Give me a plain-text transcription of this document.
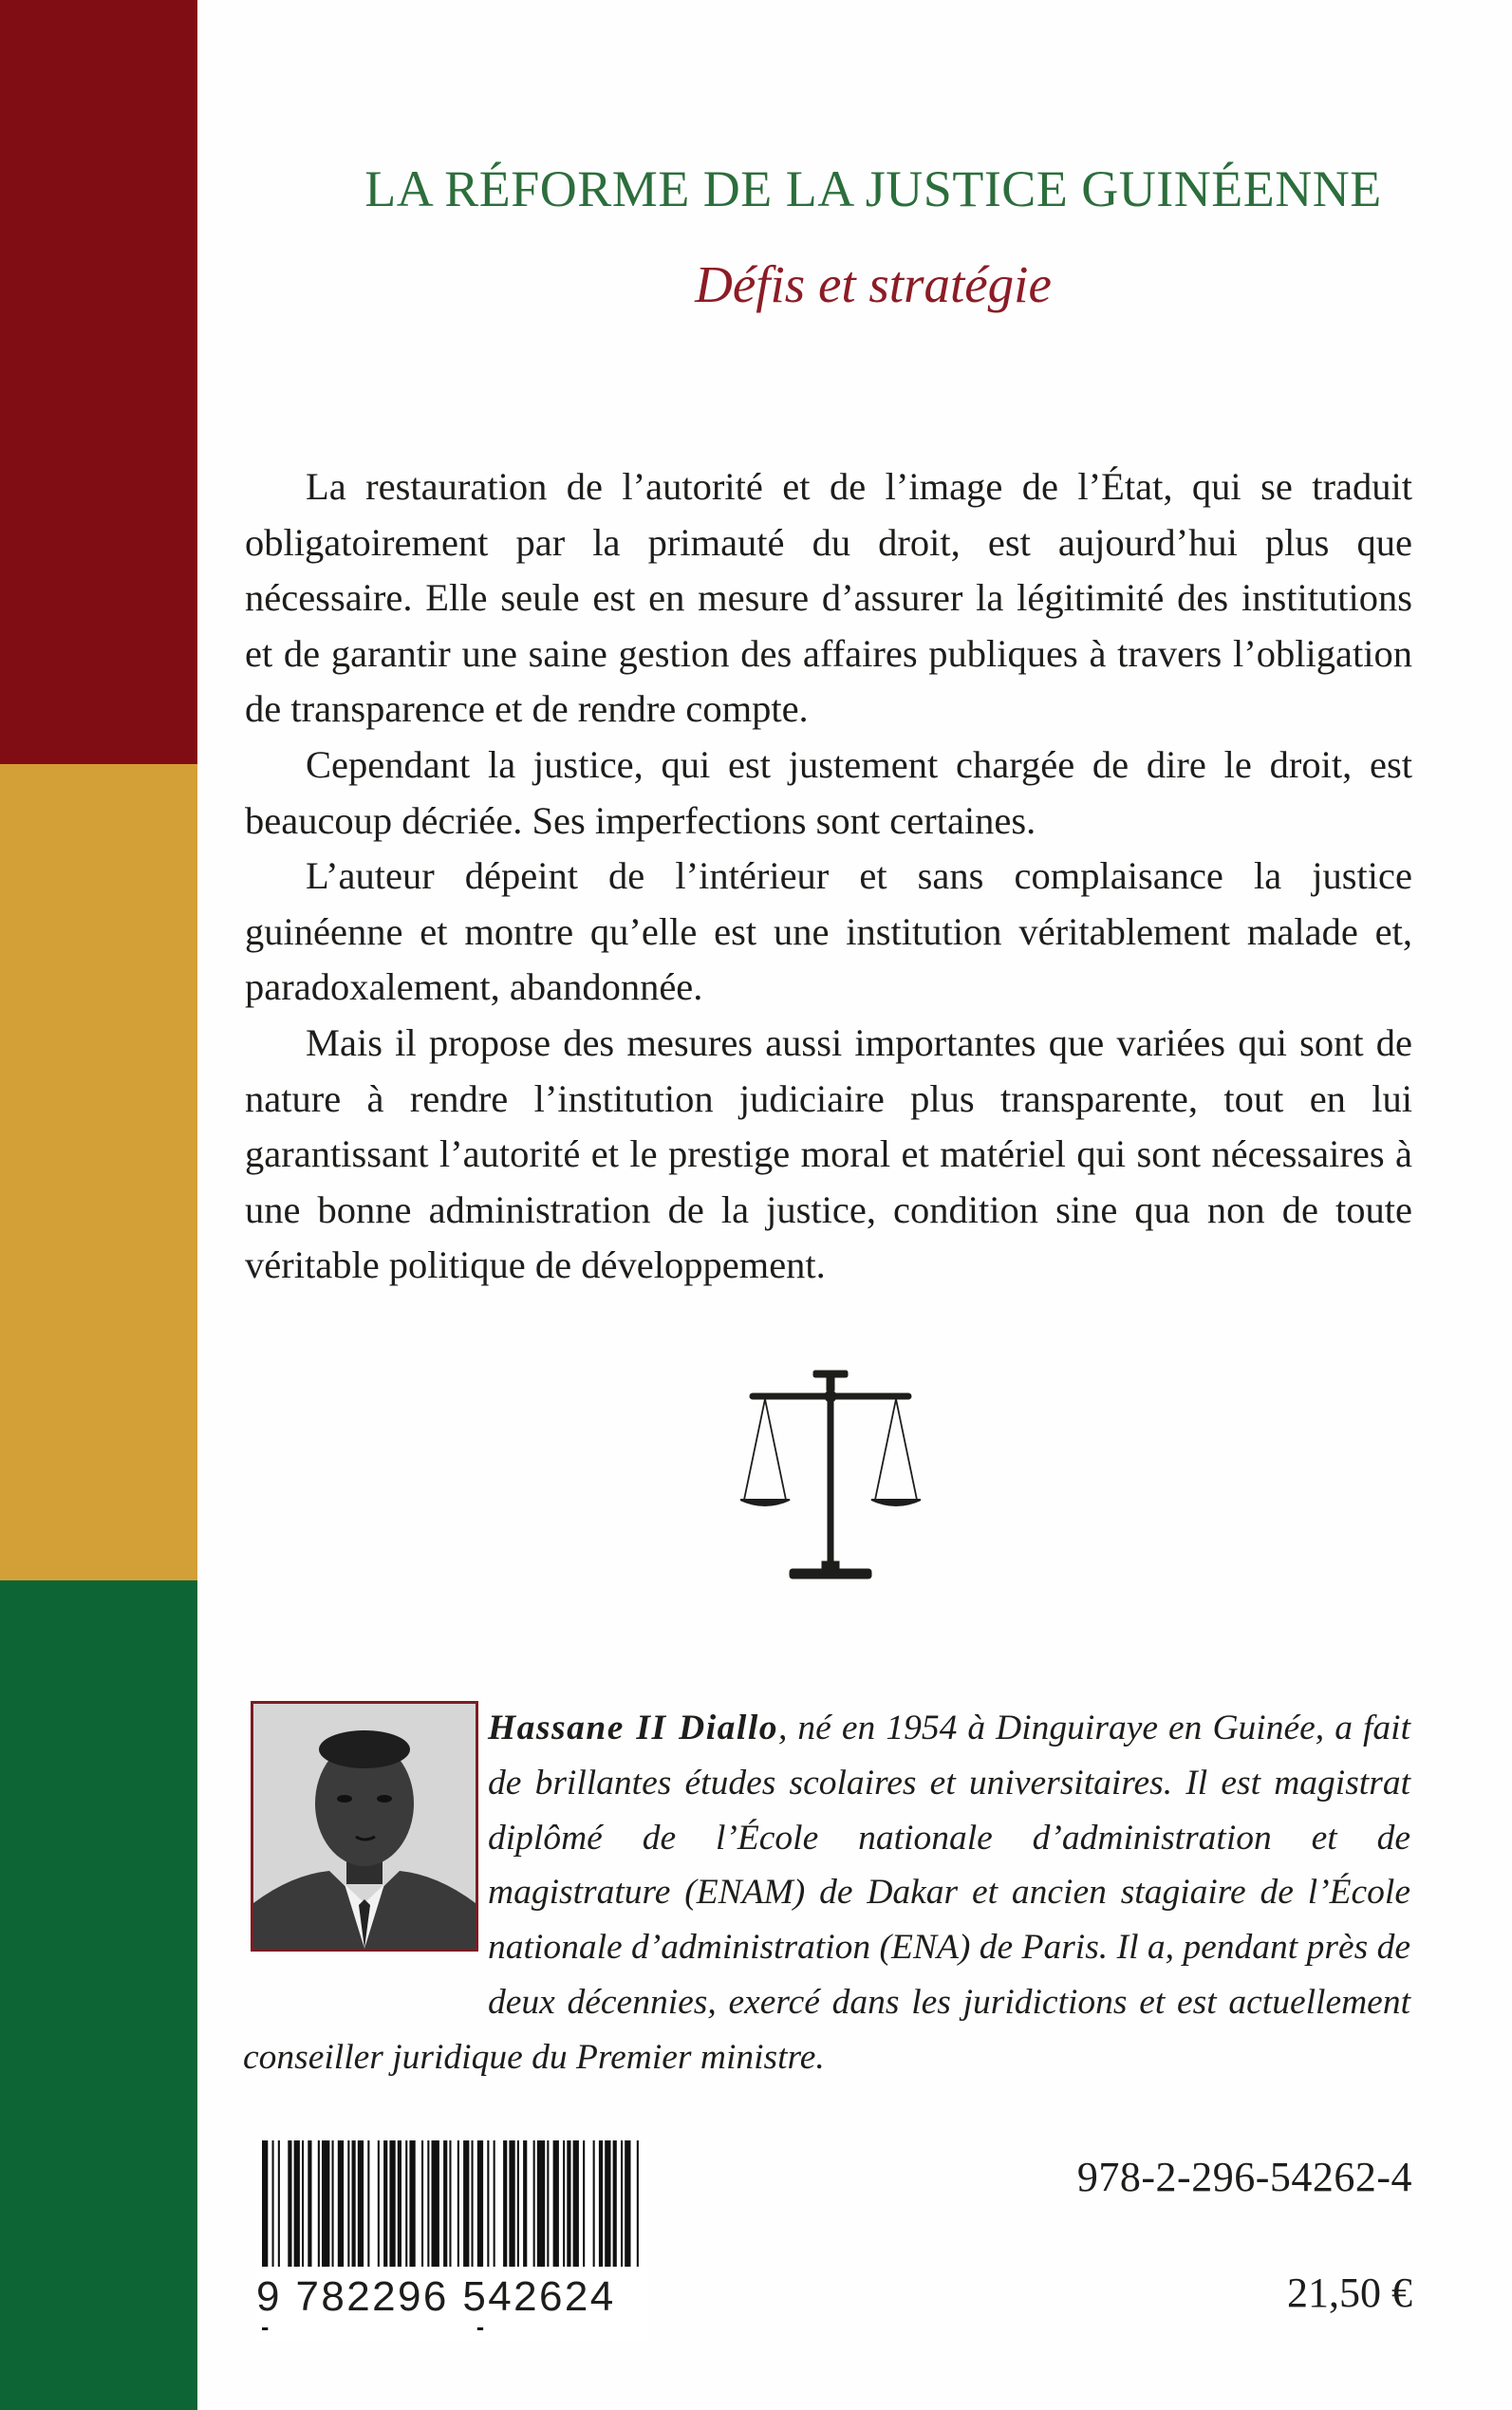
LA RÉFORME DE LA JUSTICE GUINÉENNE
Défis et stratégie

La restauration de l’autorité et de l’image de l’État, qui se traduit obligatoirement par la primauté du droit, est aujourd’hui plus que nécessaire. Elle seule est en mesure d’assurer la légitimité des institutions et de garantir une saine gestion des affaires publiques à travers l’obligation de transparence et de rendre compte.

Cependant la justice, qui est justement chargée de dire le droit, est beaucoup décriée. Ses imperfections sont certaines.

L’auteur dépeint de l’intérieur et sans complaisance la justice guinéenne et montre qu’elle est une institution véritablement malade et, paradoxalement, abandonnée.

Mais il propose des mesures aussi importantes que variées qui sont de nature à rendre l’institution judiciaire plus transparente, tout en lui garantissant l’autorité et le prestige moral et matériel qui sont nécessaires à une bonne administration de la justice, condition sine qua non de toute véritable politique de développement.

Hassane II Diallo, né en 1954 à Dinguiraye en Guinée, a fait de brillantes études scolaires et universitaires. Il est magistrat diplômé de l’École nationale d’administration et de magistrature (ENAM) de Dakar et ancien stagiaire de l’École nationale d’administration (ENA) de Paris. Il a, pendant près de deux décennies, exercé dans les juridictions et est actuellement conseiller juridique du Premier ministre.
9 782296 542624
978-2-296-54262-4
21,50 €
